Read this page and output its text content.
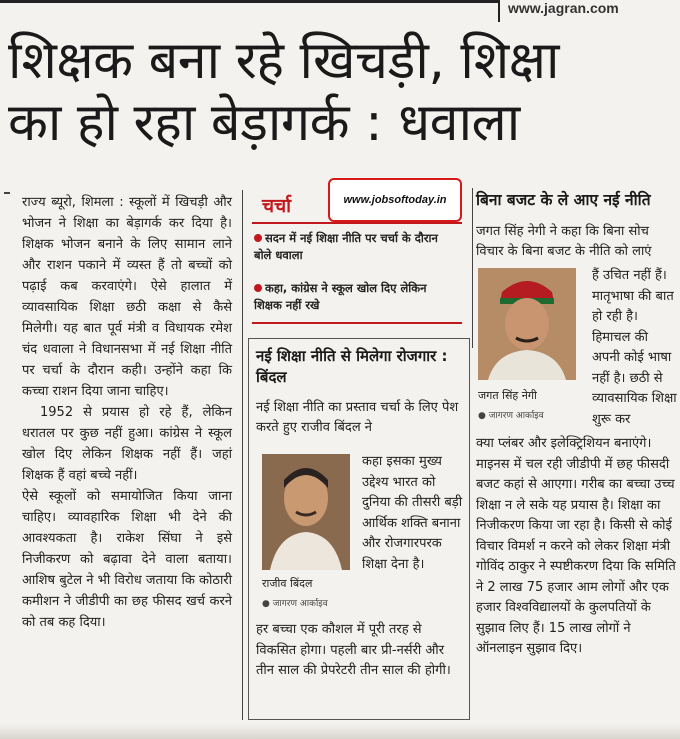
www.jagran.com
शिक्षक बना रहे खिचड़ी, शिक्षा
का हो रहा बेड़ागर्क : धवाला

राज्य ब्यूरो, शिमला : स्कूलों में खिचड़ी और भोजन ने शिक्षा का बेड़ागर्क कर दिया है। शिक्षक भोजन बनाने के लिए सामान लाने और राशन पकाने में व्यस्त हैं तो बच्चों को पढ़ाई कब करवाएंगे। ऐसे हालात में व्यावसायिक शिक्षा छठी कक्षा से कैसे मिलेगी। यह बात पूर्व मंत्री व विधायक रमेश चंद धवाला ने विधानसभा में नई शिक्षा नीति पर चर्चा के दौरान कही। उन्होंने कहा कि कच्चा राशन दिया जाना चाहिए।

1952 से प्रयास हो रहे हैं, लेकिन धरातल पर कुछ नहीं हुआ। कांग्रेस ने स्कूल खोल दिए लेकिन शिक्षक नहीं हैं। जहां शिक्षक हैं वहां बच्चे नहीं।

ऐसे स्कूलों को समायोजित किया जाना चाहिए। व्यावहारिक शिक्षा भी देने की आवश्यकता है। राकेश सिंघा ने इसे निजीकरण को बढ़ावा देने वाला बताया। आशिष बुटेल ने भी विरोध जताया कि कोठारी कमीशन ने जीडीपी का छह फीसद खर्च करने को तब कह दिया।

चर्चा	www.jobsoftoday.in
सदन में नई शिक्षा नीति पर चर्चा के दौरान बोले धवाला
कहा, कांग्रेस ने स्कूल खोल दिए लेकिन शिक्षक नहीं रखे
नई शिक्षा नीति से मिलेगा रोजगार : बिंदल
नई शिक्षा नीति का प्रस्ताव चर्चा के लिए पेश करते हुए राजीव बिंदल ने
कहा इसका मुख्य उद्देश्य भारत को दुनिया की तीसरी बड़ी आर्थिक शक्ति बनाना और रोजगारपरक शिक्षा देना है।
राजीव बिंदल
● जागरण आर्काइव
हर बच्चा एक कौशल में पूरी तरह से विकसित होगा। पहली बार प्री-नर्सरी और तीन साल की प्रेपरेटरी तीन साल की होगी।
बिना बजट के ले आए नई नीति
जगत सिंह नेगी ने कहा कि बिना सोच विचार के बिना बजट के नीति को लाएं
हैं उचित नहीं हैं। मातृभाषा की बात हो रही है। हिमाचल की अपनी कोई भाषा नहीं है। छठी से व्यावसायिक शिक्षा शुरू कर
जगत सिंह नेगी
● जागरण आर्काइव
क्या प्लंबर और इलेक्ट्रिशियन बनाएंगे। माइनस में चल रही जीडीपी में छह फीसदी बजट कहां से आएगा। गरीब का बच्चा उच्च शिक्षा न ले सके यह प्रयास है। शिक्षा का निजीकरण किया जा रहा है। किसी से कोई विचार विमर्श न करने को लेकर शिक्षा मंत्री गोविंद ठाकुर ने स्पष्टीकरण दिया कि समिति ने 2 लाख 75 हजार आम लोगों और एक हजार विश्वविद्यालयों के कुलपतियों के सुझाव लिए हैं। 15 लाख लोगों ने ऑनलाइन सुझाव दिए।
